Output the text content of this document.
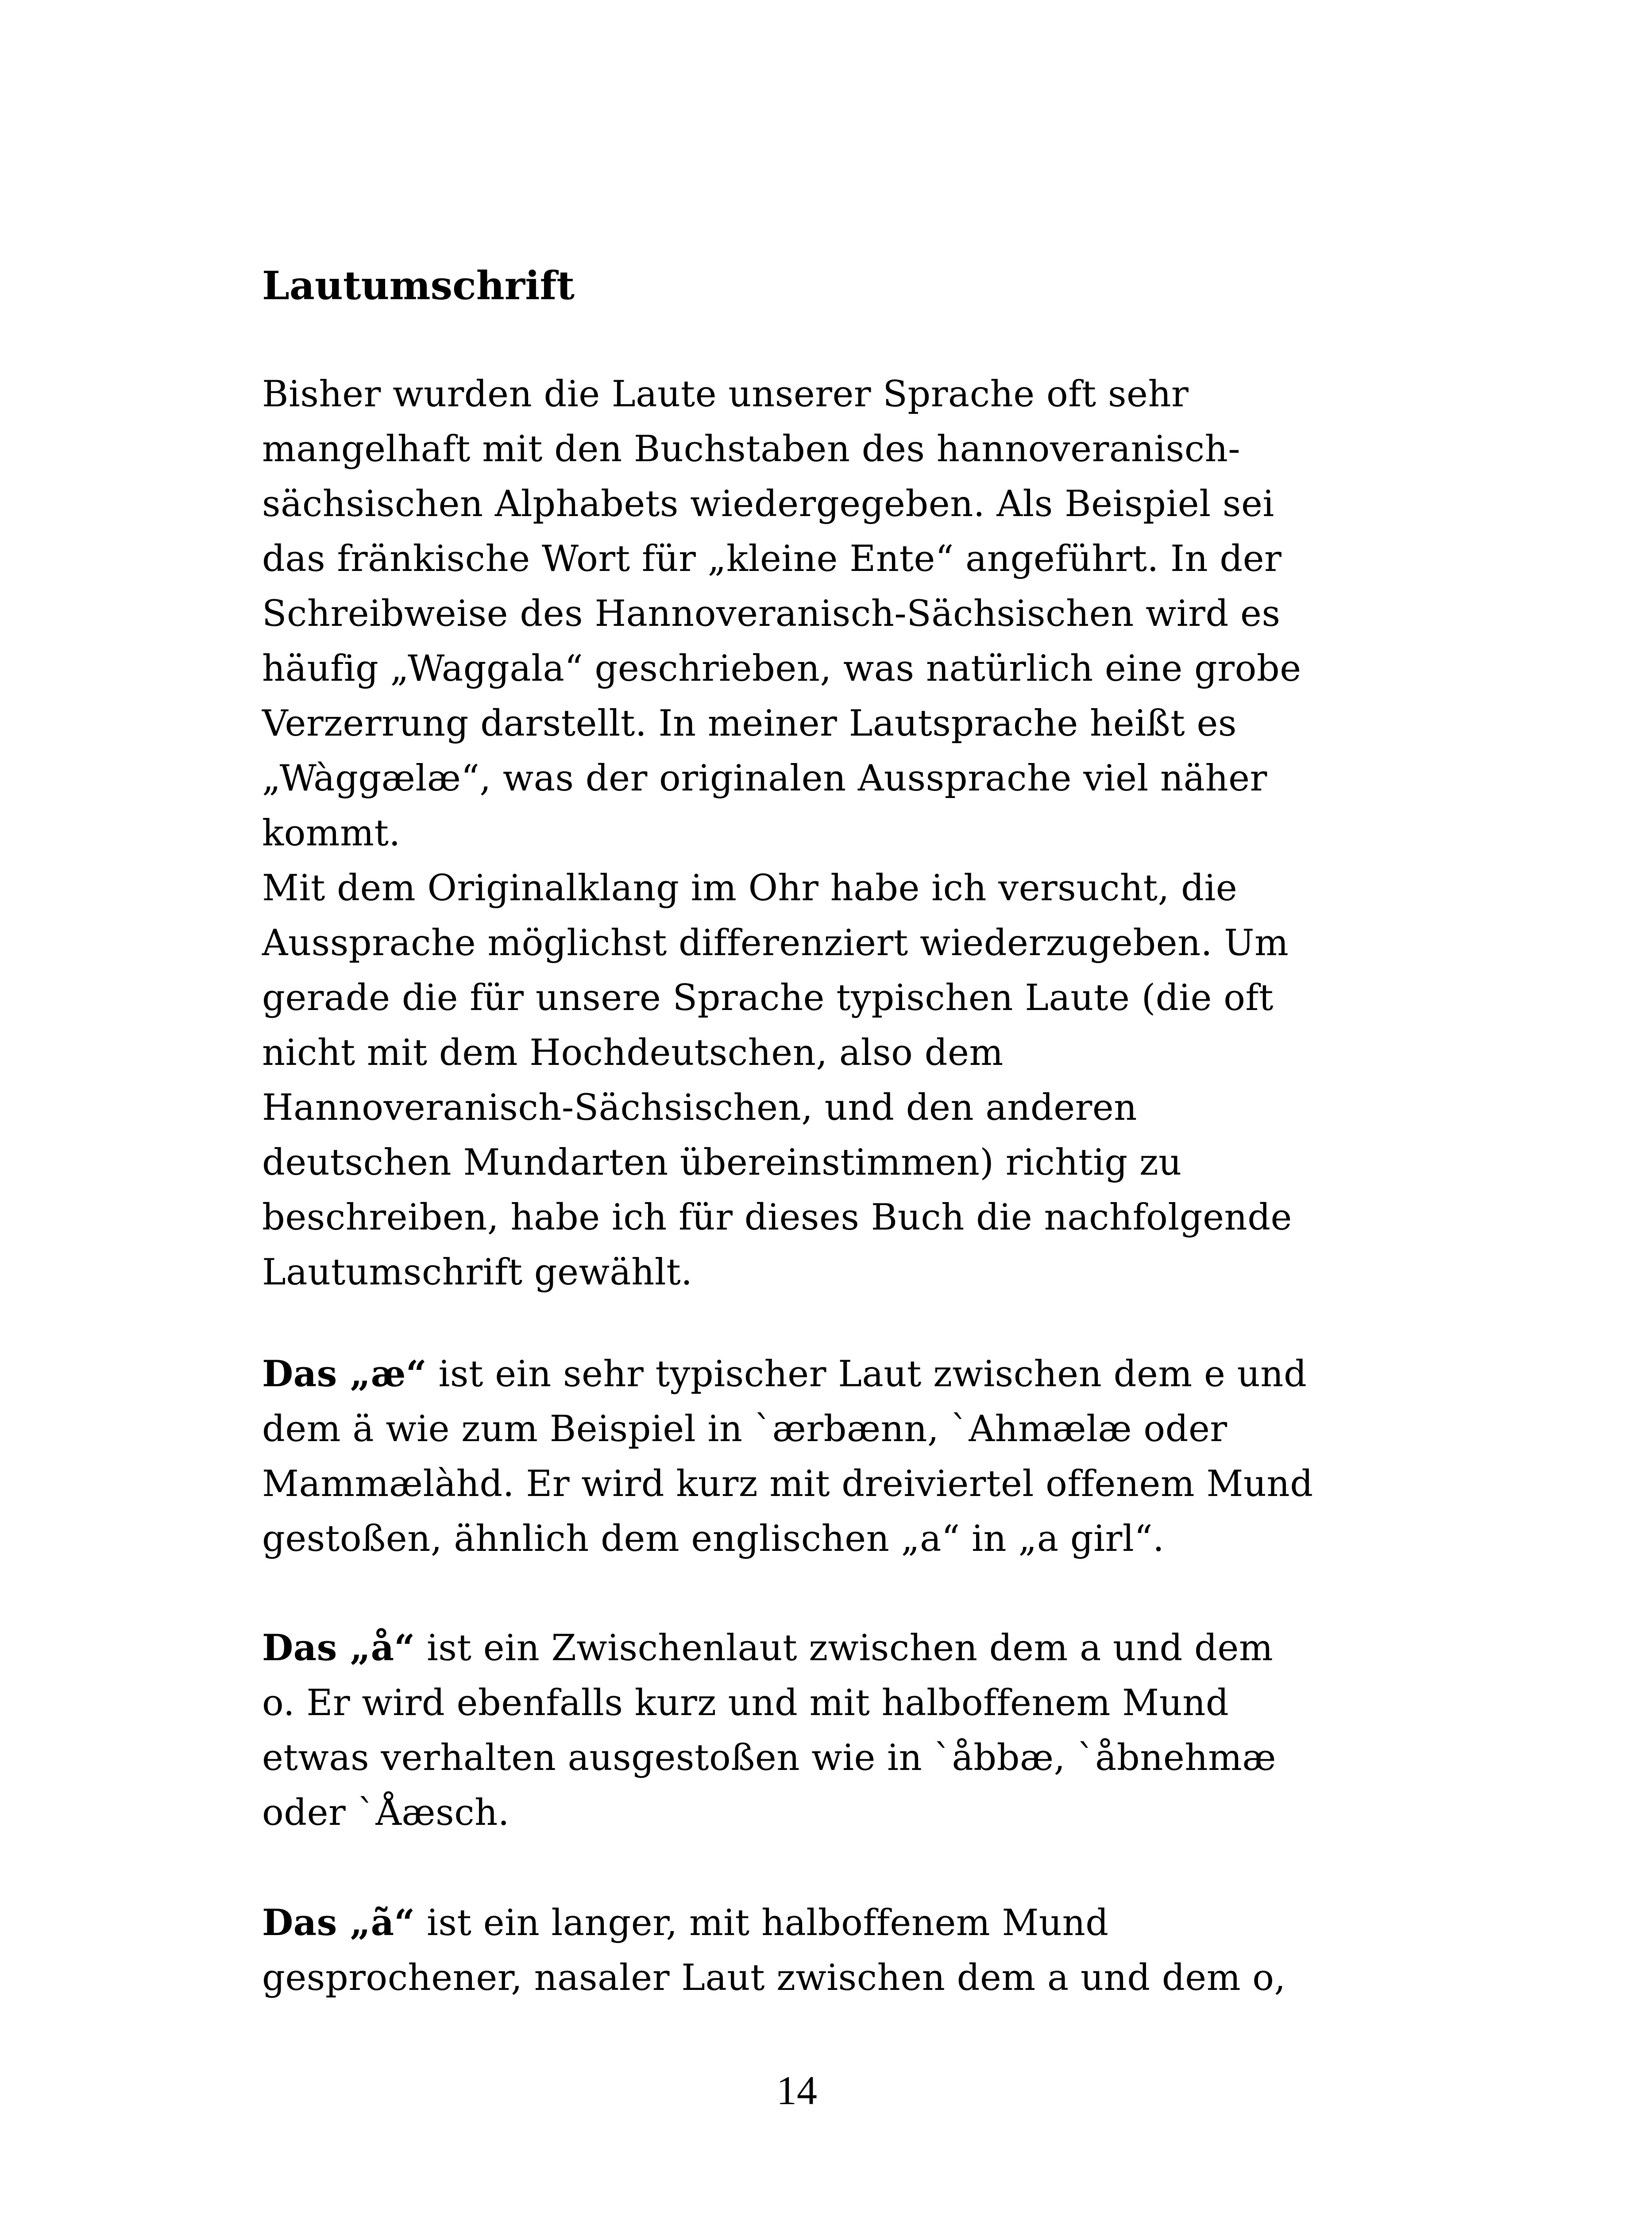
Lautumschrift

Bisher wurden die Laute unserer Sprache oft sehr
mangelhaft mit den Buchstaben des hannoveranisch-
sächsischen Alphabets wiedergegeben. Als Beispiel sei
das fränkische Wort für „kleine Ente“ angeführt. In der
Schreibweise des Hannoveranisch-Sächsischen wird es
häufig „Waggala“ geschrieben, was natürlich eine grobe
Verzerrung darstellt. In meiner Lautsprache heißt es
„Wàggælæ“, was der originalen Aussprache viel näher
kommt.
Mit dem Originalklang im Ohr habe ich versucht, die
Aussprache möglichst differenziert wiederzugeben. Um
gerade die für unsere Sprache typischen Laute (die oft
nicht mit dem Hochdeutschen, also dem
Hannoveranisch-Sächsischen, und den anderen
deutschen Mundarten übereinstimmen) richtig zu
beschreiben, habe ich für dieses Buch die nachfolgende
Lautumschrift gewählt.

Das „æ“ ist ein sehr typischer Laut zwischen dem e und
dem ä wie zum Beispiel in `ærbænn, `Ahmælæ oder
Mammælàhd. Er wird kurz mit dreiviertel offenem Mund
gestoßen, ähnlich dem englischen „a“ in „a girl“.

Das „å“ ist ein Zwischenlaut zwischen dem a und dem
o. Er wird ebenfalls kurz und mit halboffenem Mund
etwas verhalten ausgestoßen wie in `åbbæ, `åbnehmæ
oder `Åæsch.

Das „ã“ ist ein langer, mit halboffenem Mund
gesprochener, nasaler Laut zwischen dem a und dem o,

14
